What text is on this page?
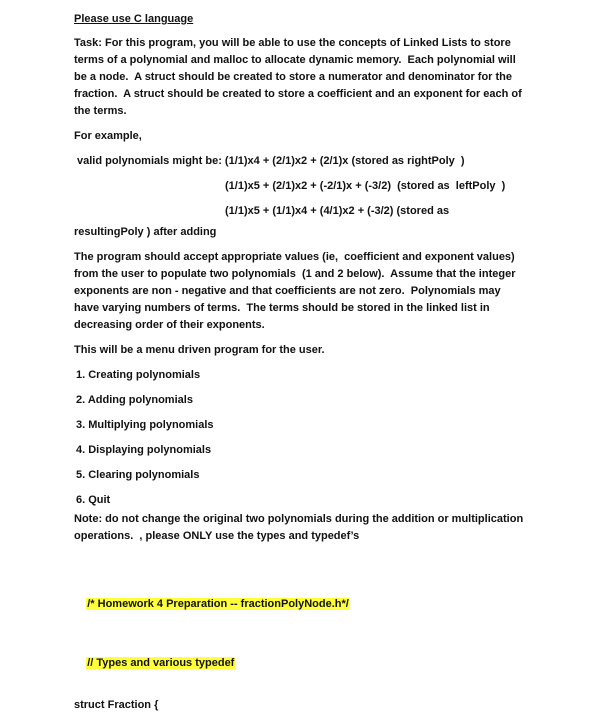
Please use C language
Task: For this program, you will be able to use the concepts of Linked Lists to store
terms of a polynomial and malloc to allocate dynamic memory.  Each polynomial will
be a node.  A struct should be created to store a numerator and denominator for the
fraction.  A struct should be created to store a coefficient and an exponent for each of
the terms.
For example,
valid polynomials might be: (1/1)x4 + (2/1)x2 + (2/1)x (stored as rightPoly  )
(1/1)x5 + (2/1)x2 + (-2/1)x + (-3/2)  (stored as  leftPoly  )
(1/1)x5 + (1/1)x4 + (4/1)x2 + (-3/2) (stored as
resultingPoly ) after adding
The program should accept appropriate values (ie,  coefficient and exponent values)
from the user to populate two polynomials  (1 and 2 below).  Assume that the integer
exponents are non - negative and that coefficients are not zero.  Polynomials may
have varying numbers of terms.  The terms should be stored in the linked list in
decreasing order of their exponents.
This will be a menu driven program for the user.
1. Creating polynomials
2. Adding polynomials
3. Multiplying polynomials
4. Displaying polynomials
5. Clearing polynomials
6. Quit
Note: do not change the original two polynomials during the addition or multiplication
operations.  , please ONLY use the types and typedef’s

/* Homework 4 Preparation -- fractionPolyNode.h*/

// Types and various typedef

struct Fraction {
